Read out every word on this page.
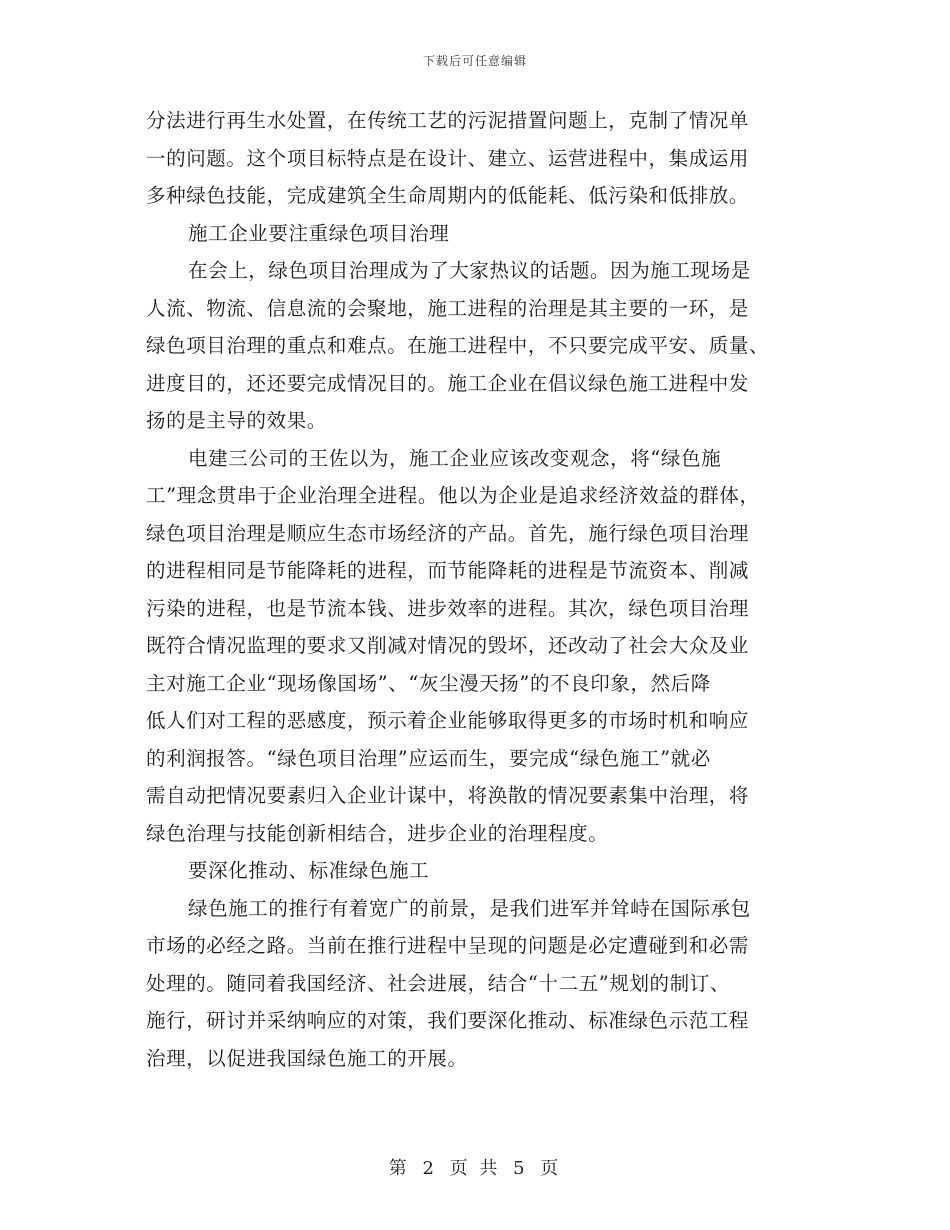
下载后可任意编辑
分法进行再生水处置，在传统工艺的污泥措置问题上，克制了情况单
一的问题。这个项目标特点是在设计、建立、运营进程中，集成运用
多种绿色技能，完成建筑全生命周期内的低能耗、低污染和低排放。
施工企业要注重绿色项目治理
在会上，绿色项目治理成为了大家热议的话题。因为施工现场是
人流、物流、信息流的会聚地，施工进程的治理是其主要的一环，是
绿色项目治理的重点和难点。在施工进程中，不只要完成平安、质量、
进度目的，还还要完成情况目的。施工企业在倡议绿色施工进程中发
扬的是主导的效果。
电建三公司的王佐以为，施工企业应该改变观念，将“绿色施
工”理念贯串于企业治理全进程。他以为企业是追求经济效益的群体，
绿色项目治理是顺应生态市场经济的产品。首先，施行绿色项目治理
的进程相同是节能降耗的进程，而节能降耗的进程是节流资本、削减
污染的进程，也是节流本钱、进步效率的进程。其次，绿色项目治理
既符合情况监理的要求又削减对情况的毁坏，还改动了社会大众及业
主对施工企业“现场像国场”、“灰尘漫天扬”的不良印象，然后降
低人们对工程的恶感度，预示着企业能够取得更多的市场时机和响应
的利润报答。“绿色项目治理”应运而生，要完成“绿色施工”就必
需自动把情况要素归入企业计谋中，将涣散的情况要素集中治理，将
绿色治理与技能创新相结合，进步企业的治理程度。
要深化推动、标准绿色施工
绿色施工的推行有着宽广的前景，是我们进军并耸峙在国际承包
市场的必经之路。当前在推行进程中呈现的问题是必定遭碰到和必需
处理的。随同着我国经济、社会进展，结合“十二五”规划的制订、
施行，研讨并采纳响应的对策，我们要深化推动、标准绿色示范工程
治理，以促进我国绿色施工的开展。
第 2 页 共 5 页
